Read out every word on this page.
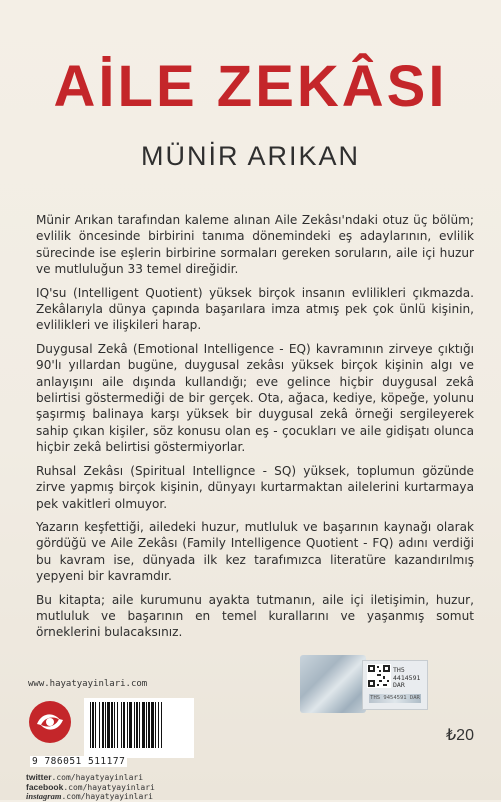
AİLE ZEKÂSI
MÜNİR ARIKAN

Münir Arıkan tarafından kaleme alınan Aile Zekâsı'ndaki otuz üç bölüm; evlilik öncesinde birbirini tanıma dönemindeki eş adaylarının, evlilik sürecinde ise eşlerin birbirine sormaları gereken soruların, aile içi huzur ve mutluluğun 33 temel direğidir.

IQ'su (Intelligent Quotient) yüksek birçok insanın evlilikleri çıkmazda. Zekâlarıyla dünya çapında başarılara imza atmış pek çok ünlü kişinin, evlilikleri ve ilişkileri harap.

Duygusal Zekâ (Emotional Intelligence - EQ) kavramının zirveye çıktığı 90'lı yıllardan bugüne, duygusal zekâsı yüksek birçok kişinin algı ve anlayışını aile dışında kullandığı; eve gelince hiçbir duygusal zekâ belirtisi göstermediği de bir gerçek. Ota, ağaca, kediye, köpeğe, yolunu şaşırmış balinaya karşı yüksek bir duygusal zekâ örneği sergileyerek sahip çıkan kişiler, söz konusu olan eş - çocukları ve aile gidişatı olunca hiçbir zekâ belirtisi göstermiyorlar.

Ruhsal Zekâsı (Spiritual Intellignce - SQ) yüksek, toplumun gözünde zirve yapmış birçok kişinin, dünyayı kurtarmaktan ailelerini kurtarmaya pek vakitleri olmuyor.

Yazarın keşfettiği, ailedeki huzur, mutluluk ve başarının kaynağı olarak gördüğü ve Aile Zekâsı (Family Intelligence Quotient - FQ) adını verdiği bu kavram ise, dünyada ilk kez tarafımızca literatüre kazandırılmış yepyeni bir kavramdır.

Bu kitapta; aile kurumunu ayakta tutmanın, aile içi iletişimin, huzur, mutluluk ve başarının en temel kurallarını ve yaşanmış somut örneklerini bulacaksınız.

www.hayatyayinlari.com
9 786051 511177
twitter.com/hayatyayinlari
facebook.com/hayatyayinlari
instagram.com/hayatyayinlari
TH5
4414591
DAR
THS 9454591 DAR
₺20
